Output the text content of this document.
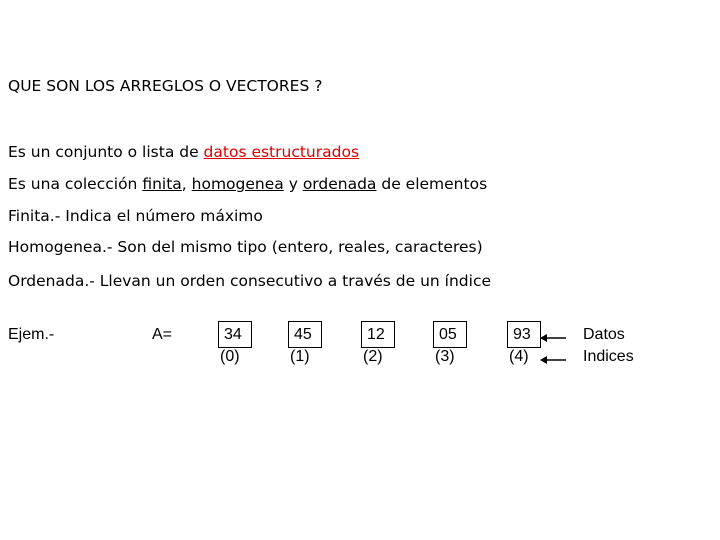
QUE SON LOS ARREGLOS O VECTORES ?
Es un conjunto o lista de datos estructurados
Es una colección finita, homogenea y ordenada de elementos
Finita.- Indica el número máximo
Homogenea.- Son del mismo tipo (entero, reales, caracteres)
Ordenada.- Llevan un orden consecutivo a través de un índice
Ejem.-	A=	34
(0)
45
(1)
12
(2)
05
(3)
93
(4)
Datos
Indices
